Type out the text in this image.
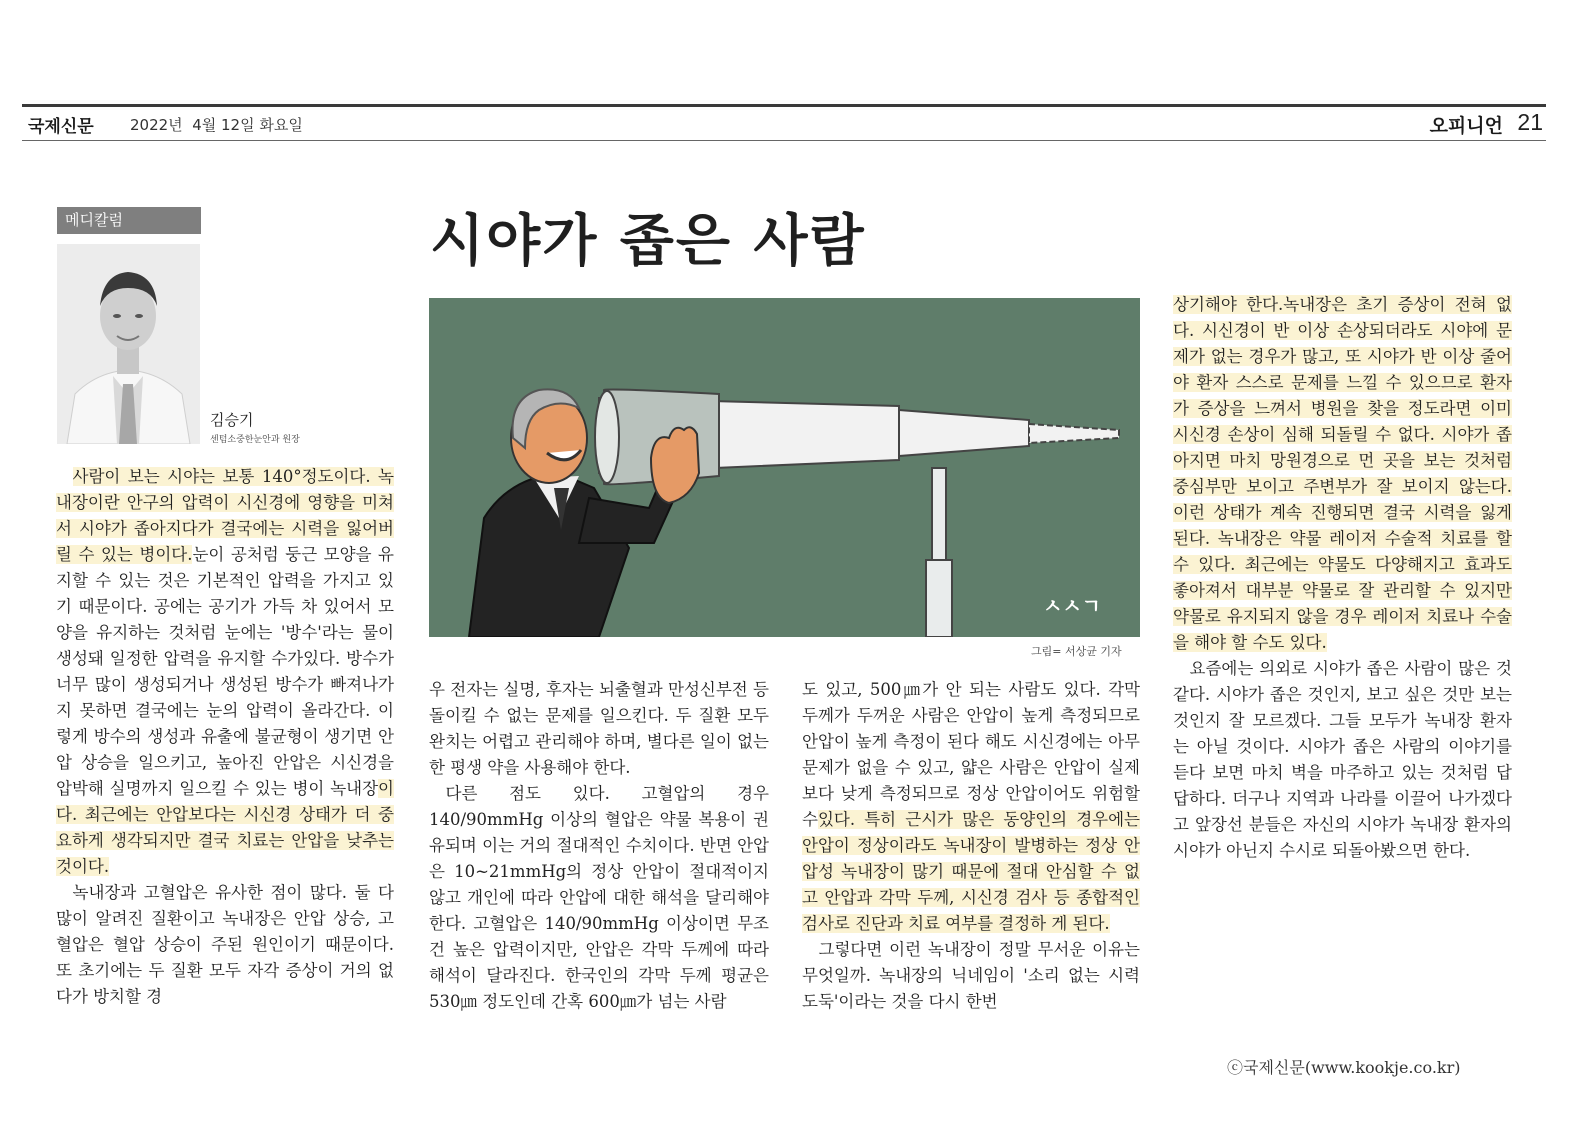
국제신문 2022년  4월 12일 화요일	오피니언 21
메디칼럼
김승기
센텀소중한눈안과 원장
시야가 좁은 사람
ㅅㅅㄱ
그림= 서상균 기자

사람이 보는 시야는 보통 140°정도이다. 녹내장이란 안구의 압력이 시신경에 영향을 미쳐서 시야가 좁아지다가 결국에는 시력을 잃어버릴 수 있는 병이다.눈이 공처럼 둥근 모양을 유지할 수 있는 것은 기본적인 압력을 가지고 있기 때문이다. 공에는 공기가 가득 차 있어서 모양을 유지하는 것처럼 눈에는 '방수'라는 물이 생성돼 일정한 압력을 유지할 수가있다. 방수가 너무 많이 생성되거나 생성된 방수가 빠져나가지 못하면 결국에는 눈의 압력이 올라간다. 이렇게 방수의 생성과 유출에 불균형이 생기면 안압 상승을 일으키고, 높아진 안압은 시신경을 압박해 실명까지 일으킬 수 있는 병이 녹내장이다. 최근에는 안압보다는 시신경 상태가 더 중요하게 생각되지만 결국 치료는 안압을 낮추는 것이다.

녹내장과 고혈압은 유사한 점이 많다. 둘 다 많이 알려진 질환이고 녹내장은 안압 상승, 고혈압은 혈압 상승이 주된 원인이기 때문이다. 또 초기에는 두 질환 모두 자각 증상이 거의 없다가 방치할 경

우 전자는 실명, 후자는 뇌출혈과 만성신부전 등 돌이킬 수 없는 문제를 일으킨다. 두 질환 모두 완치는 어렵고 관리해야 하며, 별다른 일이 없는 한 평생 약을 사용해야 한다.

다른 점도 있다. 고혈압의 경우 140/90mmHg 이상의 혈압은 약물 복용이 권유되며 이는 거의 절대적인 수치이다. 반면 안압은 10~21mmHg의 정상 안압이 절대적이지 않고 개인에 따라 안압에 대한 해석을 달리해야 한다. 고혈압은 140/90mmHg 이상이면 무조건 높은 압력이지만, 안압은 각막 두께에 따라 해석이 달라진다. 한국인의 각막 두께 평균은 530㎛ 정도인데 간혹 600㎛가 넘는 사람

도 있고, 500㎛가 안 되는 사람도 있다. 각막 두께가 두꺼운 사람은 안압이 높게 측정되므로 안압이 높게 측정이 된다 해도 시신경에는 아무 문제가 없을 수 있고, 얇은 사람은 안압이 실제보다 낮게 측정되므로 정상 안압이어도 위험할 수있다. 특히 근시가 많은 동양인의 경우에는 안압이 정상이라도 녹내장이 발병하는 정상 안압성 녹내장이 많기 때문에 절대 안심할 수 없고 안압과 각막 두께, 시신경 검사 등 종합적인 검사로 진단과 치료 여부를 결정하 게 된다.

그렇다면 이런 녹내장이 정말 무서운 이유는 무엇일까. 녹내장의 닉네임이 '소리 없는 시력도둑'이라는 것을 다시 한번

상기해야 한다.녹내장은 초기 증상이 전혀 없다. 시신경이 반 이상 손상되더라도 시야에 문제가 없는 경우가 많고, 또 시야가 반 이상 줄어야 환자 스스로 문제를 느낄 수 있으므로 환자가 증상을 느껴서 병원을 찾을 정도라면 이미 시신경 손상이 심해 되돌릴 수 없다. 시야가 좁아지면 마치 망원경으로 먼 곳을 보는 것처럼 중심부만 보이고 주변부가 잘 보이지 않는다. 이런 상태가 계속 진행되면 결국 시력을 잃게 된다. 녹내장은 약물 레이저 수술적 치료를 할 수 있다. 최근에는 약물도 다양해지고 효과도 좋아져서 대부분 약물로 잘 관리할 수 있지만 약물로 유지되지 않을 경우 레이저 치료나 수술을 해야 할 수도 있다.

요즘에는 의외로 시야가 좁은 사람이 많은 것 같다. 시야가 좁은 것인지, 보고 싶은 것만 보는 것인지 잘 모르겠다. 그들 모두가 녹내장 환자는 아닐 것이다. 시야가 좁은 사람의 이야기를 듣다 보면 마치 벽을 마주하고 있는 것처럼 답답하다. 더구나 지역과 나라를 이끌어 나가겠다고 앞장선 분들은 자신의 시야가 녹내장 환자의 시야가 아닌지 수시로 되돌아봤으면 한다.

ⓒ국제신문(www.kookje.co.kr)
